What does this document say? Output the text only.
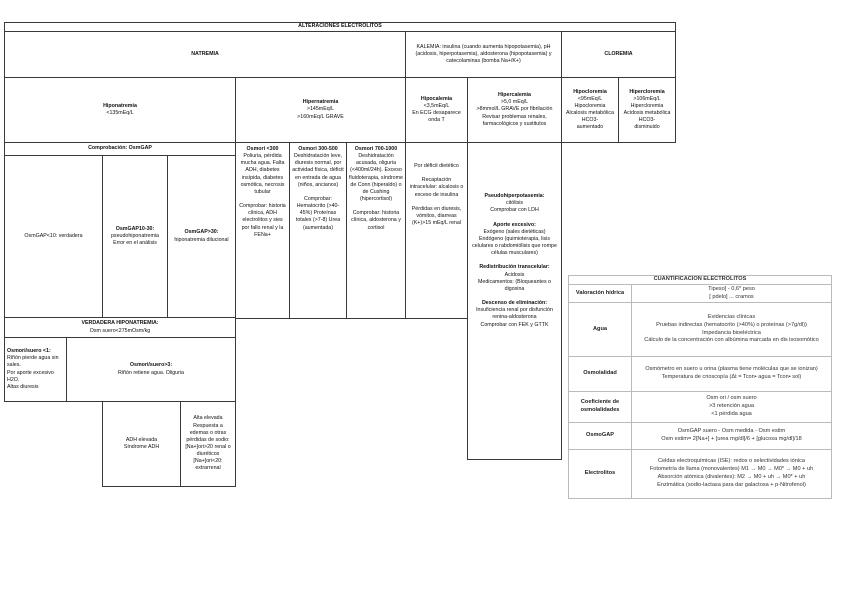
ALTERACIONES ELECTROLITOS
NATREMIA
KALEMIA: insulina (cuando aumenta hipopotasemia), pH (acidosis, hiperpotasemia), aldosterona (hipopotasemia) y catecolaminas (bomba Na+/K+)
CLOREMIA
Hiponatremia
<135mEq/L
Hipernatremia
>145mEq/L
>160mEq/L GRAVE
Hipocalemia
<3,5mEq/L
En ECG desaparece onda T
Hipercalemia
>5,0 mEq/L
>8mmol/L GRAVE por fibrilación
Revisar problemas renales, farmacológicos y sustitutos
Hipocloremia
<95mEq/L
Hipocloremia
Alcalosis metabólica
HCO3-
aumentado
Hipercloremia
>106mEq/L
Hipercloremia
Acidosis metabólica
HCO3-
disminuido
Comprobación: OsmGAP
OsmGAP<10: verdadera
OsmGAP10-30:
pseudohiponatremia
Error en el análisis
OsmGAP>30:
hiponatremia dilucional
Osmori <300
Poliuria, pérdida mucha agua. Falta ADH, diabetes insípida, diabetes osmótica, necrosis tubular

Comprobar: historia clínica, ADH electrolitos y sies por fallo renal y la FENa+
Osmori 300-500
Deshidratación leve, diuresis normal, por actividad física, déficit en entrada de agua (niños, ancianos)

Comprobar: Hematocrito (>40-45%) Proteínas totales (>7-8) Urea (aumentada)
Osmori 700-1000
Deshidratación acusada, oliguria (<400ml/24h). Exceso fluidoterapia, síndrome de Conn (hiperaldo) o de Cushing (hipercortisol)

Comprobar: historia clínica, aldosterona y cortisol
Por déficit dietético

Recaptación intracelular: alcalosis o exceso de insulina

Pérdidas en diuresis, vómitos, diarreas (K+)>15 mEq/L renal
Pseudohiperpotasemia:
citólisis
Comprobar con LDH

Aporte excesivo:
Exógeno (sales dietéticas)
Endógeno (quimioterapia, lisis celulares o rabdomiólisis que rompe células musculares)

Redistribución transcelular:
Acidosis
Medicamentos: (Bloqueantes o digoxina

Descenso de eliminación:
Insuficiencia renal por disfunción renina-aldosterona
Comprobar con FEK y GTTK
VERDADERA HIPONATREMIA:
Osm suero<275mOsm/kg
Osmori/suero <1:
Riñón pierde agua sin sales.
Por aporte excesivo H2O.
Altas diuresis
Osmori/suero>3:
Riñón retiene agua. Oliguria
ADH elevada
Síndrome ADH
Alta elevada
Respuesta a edemas o otras pérdidas de sodio:
[Na+]ori>20 renal o diuréticos
[Na+]ori<20: extrarrenal
CUANTIFICACIÓN ELECTROLITOS
Valoración hídrica
Tipeso] - 0,6* peso
[ pdelo] ... cramos
Agua
Evidencias clínicas
Pruebas indirectas (hematocrito (>40%) o proteínas (>7g/dl))
Impedancia bioeléctrica
Cálculo de la concentración con albúmina marcada en dis isosomótico
Osmolalidad
Osmómetro en suero u orina (plasma tiene moléculas que se ionizan)
Temperatura de crioscopía (Δt = Tcon• agua = Tcon• sol)
Coeficiente de osmolalidades
Osm ori / osm suero
>3 retención agua
<1 pérdida agua
OsmoGAP
OsmGAP suero - Osm medida - Osm estim
Osm estim= 2[Na+] + [urea mg/dl]/6 + [glucosa mg/dl]/18
Electrolitos
Celdas electroquímicas (ISE): redox o selectividades iónica
Fotometría de llama (monovalentes) M1 → M0 → M0* → M0 + uh
Absorción atómica (divalentes): M2 → M0 + uh → M0* + uh
Enzimática (sodio-lactasa para dar galactosa + p-Nitrofenol)
